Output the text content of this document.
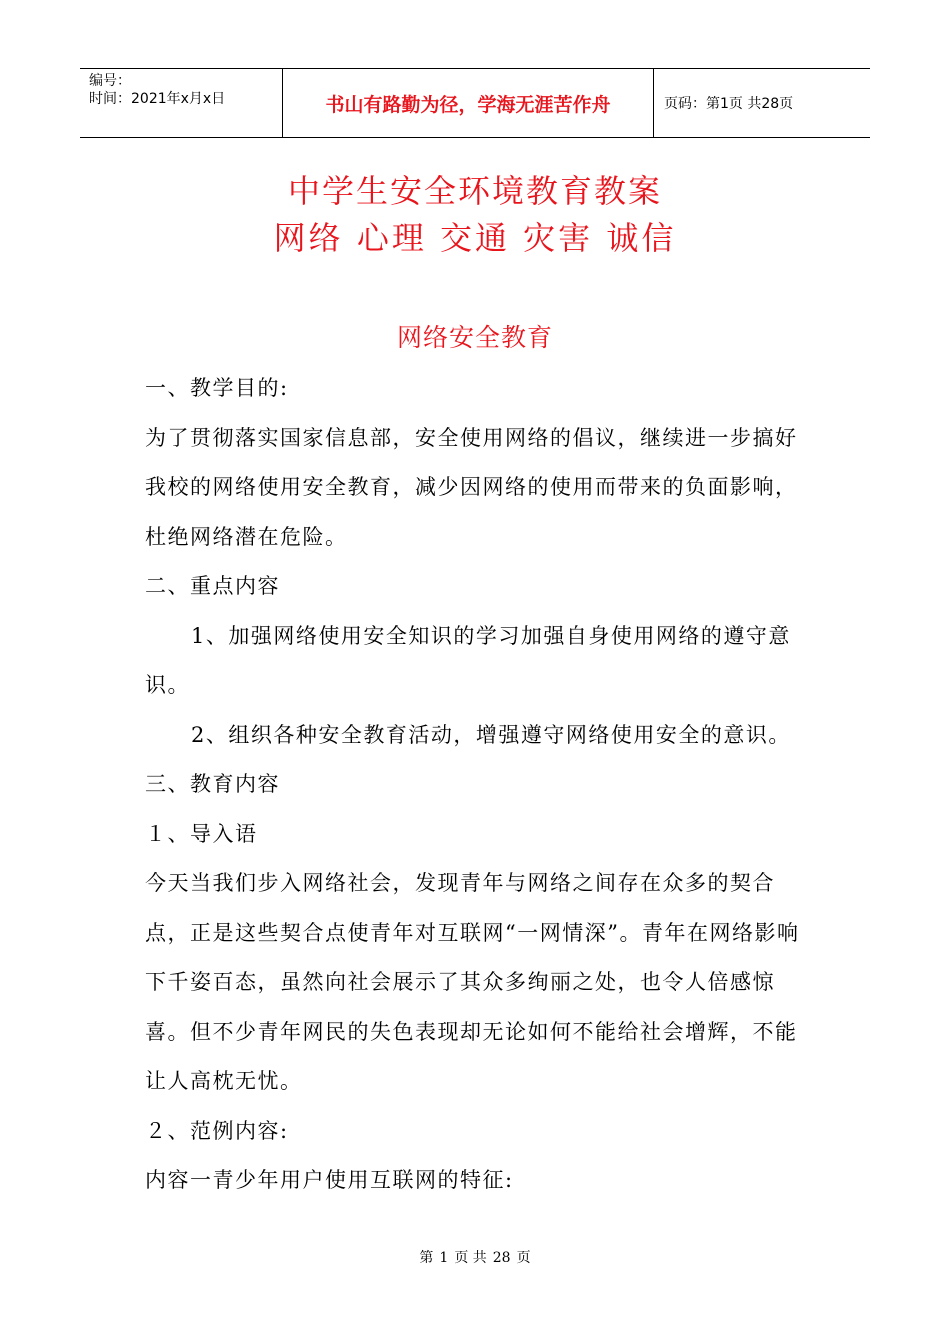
编号：
时间：2021年x月x日	书山有路勤为径，学海无涯苦作舟	页码：第1页 共28页
中学生安全环境教育教案
网络 心理 交通 灾害 诚信
网络安全教育

一、教学目的:

为了贯彻落实国家信息部，安全使用网络的倡议，继续进一步搞好我校的网络使用安全教育，减少因网络的使用而带来的负面影响，杜绝网络潜在危险。

二、重点内容

1、加强网络使用安全知识的学习加强自身使用网络的遵守意识。

2、组织各种安全教育活动，增强遵守网络使用安全的意识。

三、教育内容

１、导入语

今天当我们步入网络社会，发现青年与网络之间存在众多的契合点，正是这些契合点使青年对互联网“一网情深”。青年在网络影响下千姿百态，虽然向社会展示了其众多绚丽之处，也令人倍感惊喜。但不少青年网民的失色表现却无论如何不能给社会增辉，不能让人高枕无忧。

２、范例内容:

内容一青少年用户使用互联网的特征:

第 1 页 共 28 页
